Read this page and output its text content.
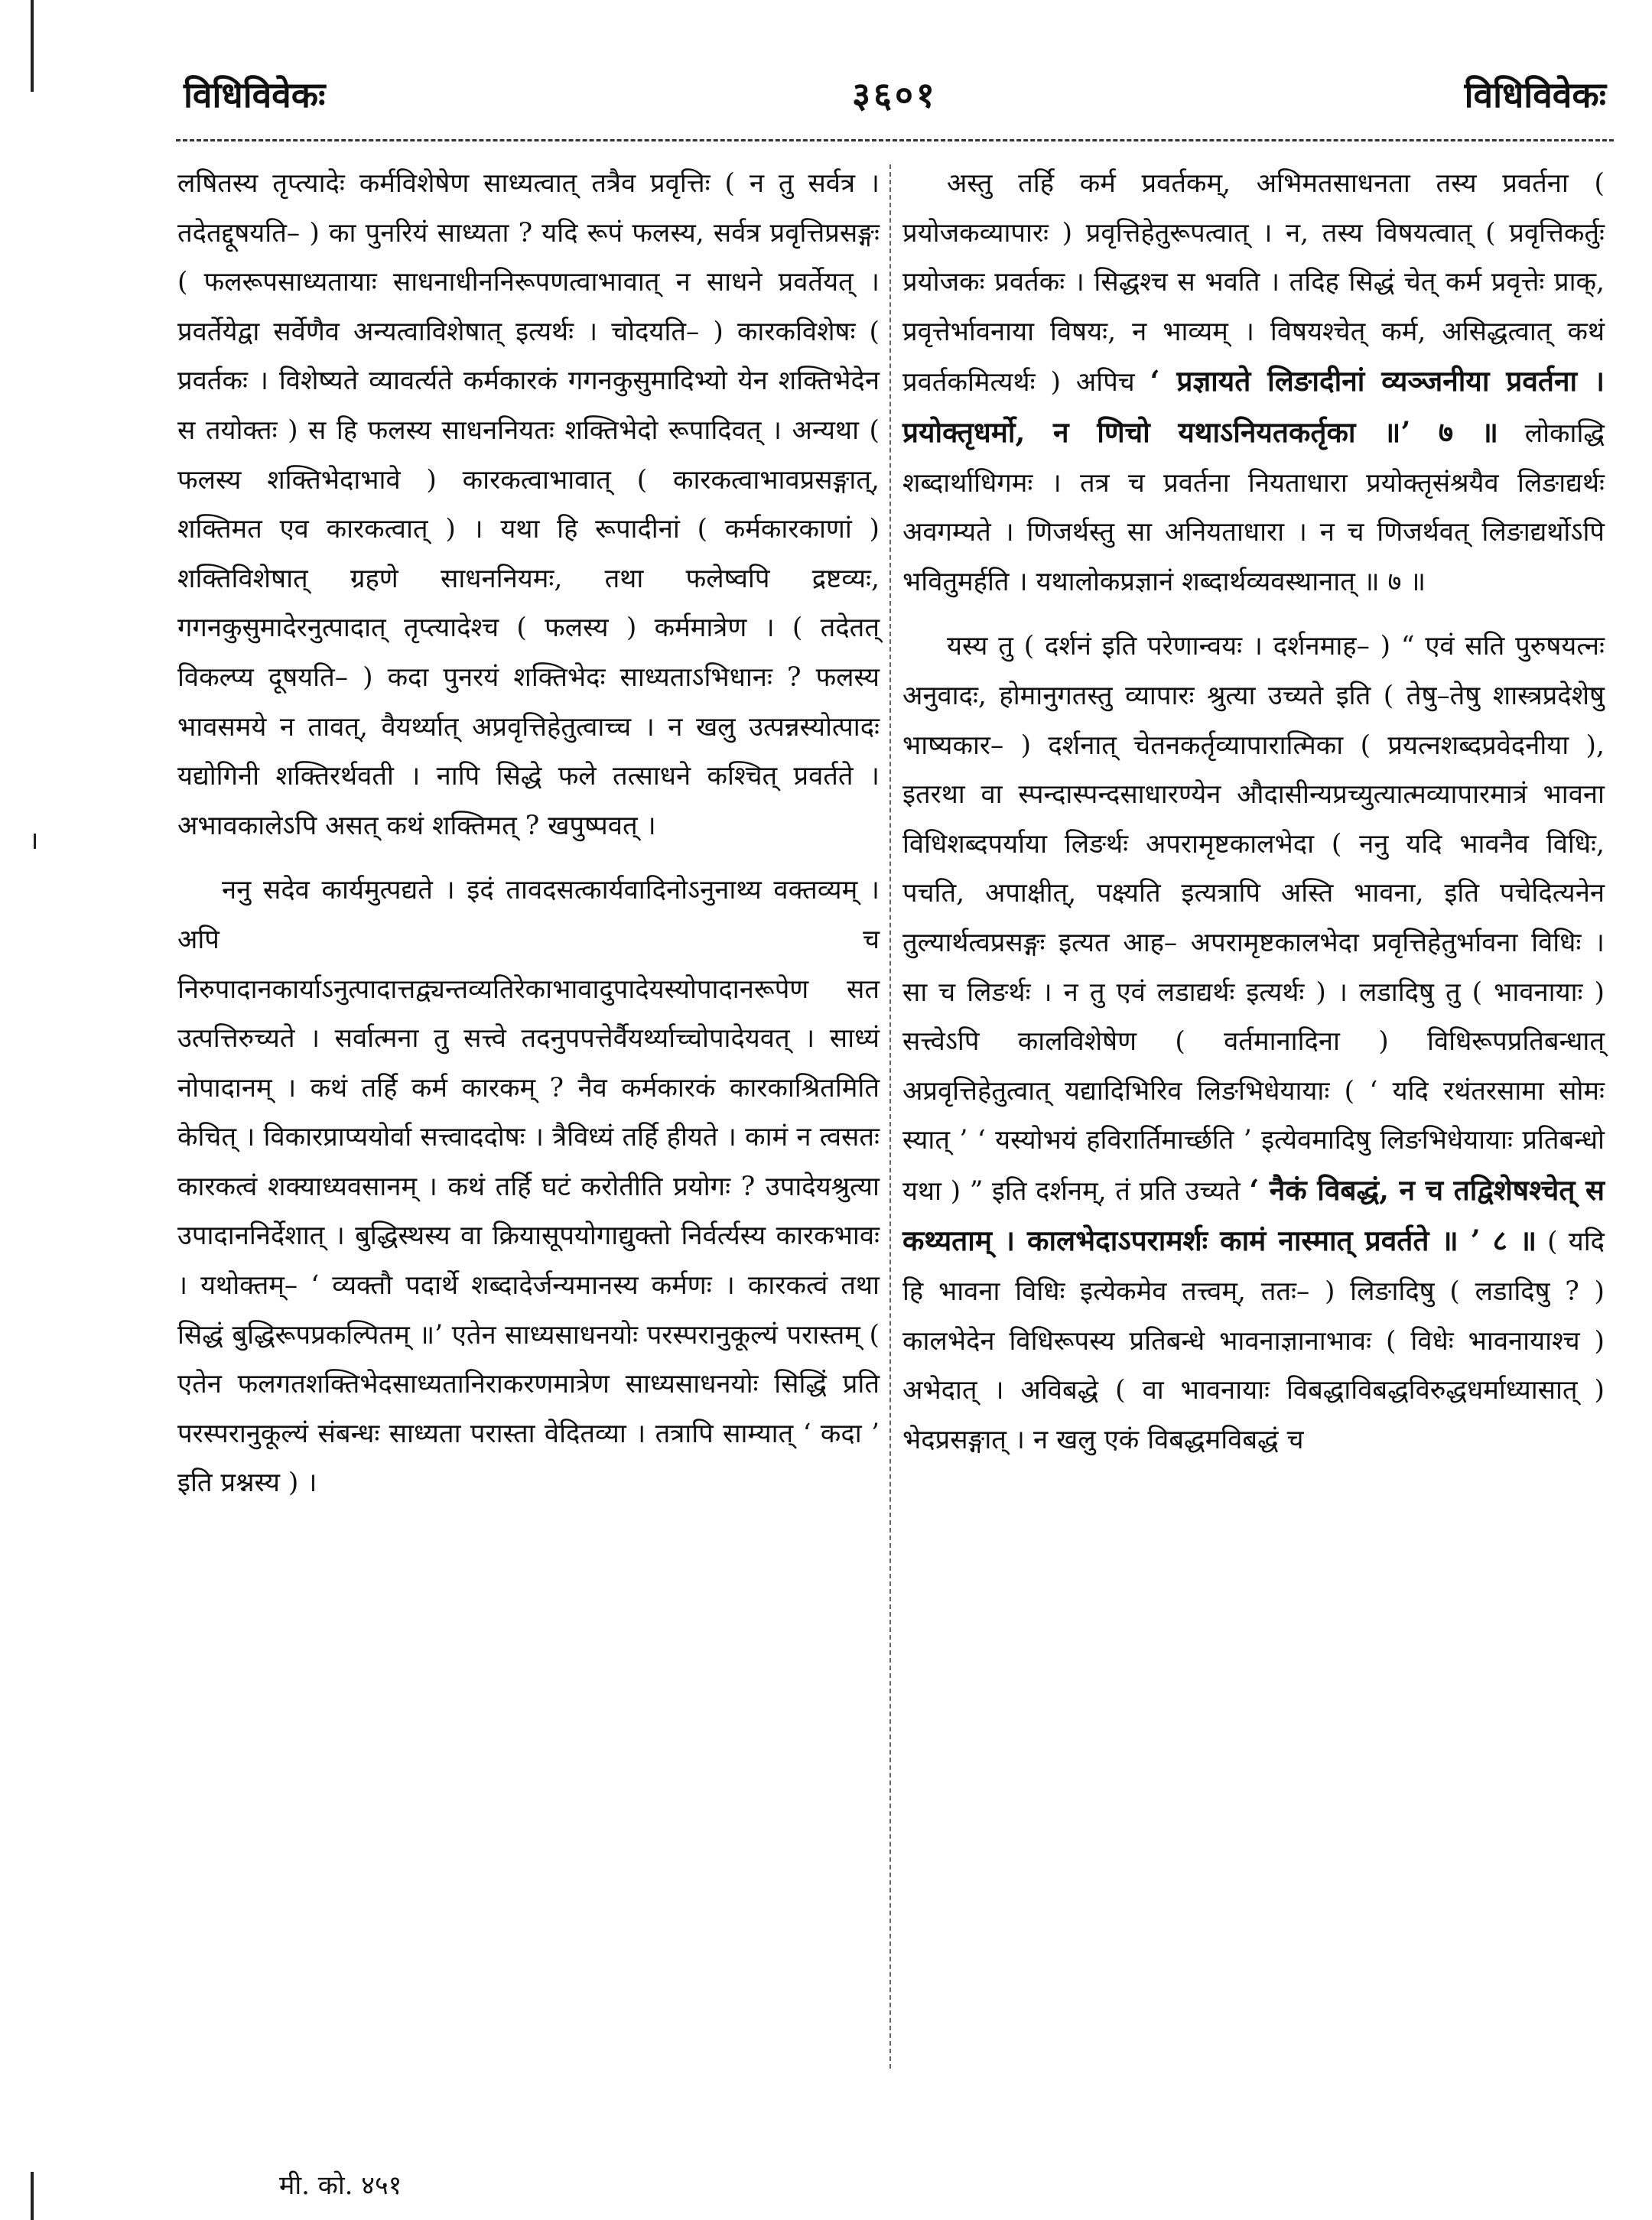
विधिविवेकः	३६०१	विधिविवेकः

लषितस्य तृप्त्यादेः कर्मविशेषेण साध्यत्वात् तत्रैव प्रवृत्तिः ( न तु सर्वत्र । तदेतद्दूषयति– ) का पुनरियं साध्यता ? यदि रूपं फलस्य, सर्वत्र प्रवृत्तिप्रसङ्गः ( फलरूपसाध्यतायाः साधनाधीननिरूपणत्वाभावात् न साधने प्रवर्तेयत् । प्रवर्तेयेद्वा सर्वेणैव अन्यत्वाविशेषात् इत्यर्थः । चोदयति– ) कारकविशेषः ( प्रवर्तकः । विशेष्यते व्यावर्त्यते कर्मकारकं गगनकुसुमादिभ्यो येन शक्तिभेदेन स तयोक्तः ) स हि फलस्य साधननियतः शक्तिभेदो रूपादिवत् । अन्यथा ( फलस्य शक्तिभेदाभावे ) कारकत्वाभावात् ( कारकत्वाभावप्रसङ्गात्, शक्तिमत एव कारकत्वात् ) । यथा हि रूपादीनां ( कर्मकारकाणां ) शक्तिविशेषात् ग्रहणे साधननियमः, तथा फलेष्वपि द्रष्टव्यः, गगनकुसुमादेरनुत्पादात् तृप्त्यादेश्च ( फलस्य ) कर्ममात्रेण । ( तदेतत् विकल्प्य दूषयति– ) कदा पुनरयं शक्तिभेदः साध्यताऽभिधानः ? फलस्य भावसमये न तावत्, वैयर्थ्यात् अप्रवृत्तिहेतुत्वाच्च । न खलु उत्पन्नस्योत्पादः यद्योगिनी शक्तिरर्थवती । नापि सिद्धे फले तत्साधने कश्चित् प्रवर्तते । अभावकालेऽपि असत् कथं शक्तिमत् ? खपुष्पवत् ।

ननु सदेव कार्यमुत्पद्यते । इदं तावदसत्कार्यवादिनोऽनुनाथ्य वक्तव्यम् । अपि च निरुपादानकार्याऽनुत्पादात्तद्व्यन्तव्यतिरेकाभावादुपादेयस्योपादानरूपेण सत उत्पत्तिरुच्यते । सर्वात्मना तु सत्त्वे तदनुपपत्तेर्वैयर्थ्याच्चोपादेयवत् । साध्यं नोपादानम् । कथं तर्हि कर्म कारकम् ? नैव कर्मकारकं कारकाश्रितमिति केचित् । विकारप्राप्ययोर्वा सत्त्वाददोषः । त्रैविध्यं तर्हि हीयते । कामं न त्वसतः कारकत्वं शक्याध्यवसानम् । कथं तर्हि घटं करोतीति प्रयोगः ? उपादेयश्रुत्या उपादाननिर्देशात् । बुद्धिस्थस्य वा क्रियासूपयोगाद्युक्तो निर्वर्त्यस्य कारकभावः । यथोक्तम्– ‘ व्यक्तौ पदार्थे शब्दादेर्जन्यमानस्य कर्मणः । कारकत्वं तथा सिद्धं बुद्धिरूपप्रकल्पितम् ॥’ एतेन साध्यसाधनयोः परस्परानुकूल्यं परास्तम् ( एतेन फलगतशक्तिभेदसाध्यतानिराकरणमात्रेण साध्यसाधनयोः सिद्धिं प्रति परस्परानुकूल्यं संबन्धः साध्यता परास्ता वेदितव्या । तत्रापि साम्यात् ‘ कदा ’ इति प्रश्नस्य ) ।

अस्तु तर्हि कर्म प्रवर्तकम्, अभिमतसाधनता तस्य प्रवर्तना ( प्रयोजकव्यापारः ) प्रवृत्तिहेतुरूपत्वात् । न, तस्य विषयत्वात् ( प्रवृत्तिकर्तुः प्रयोजकः प्रवर्तकः । सिद्धश्च स भवति । तदिह सिद्धं चेत् कर्म प्रवृत्तेः प्राक्, प्रवृत्तेर्भावनाया विषयः, न भाव्यम् । विषयश्चेत् कर्म, असिद्धत्वात् कथं प्रवर्तकमित्यर्थः ) अपिच ‘ प्रज्ञायते लिङादीनां व्यञ्जनीया प्रवर्तना । प्रयोक्तृधर्मो, न णिचो यथाऽनियतकर्तृका ॥’ ७ ॥ लोकाद्धि शब्दार्थाधिगमः । तत्र च प्रवर्तना नियताधारा प्रयोक्तृसंश्रयैव लिङाद्यर्थः अवगम्यते । णिजर्थस्तु सा अनियताधारा । न च णिजर्थवत् लिङाद्यर्थोऽपि भवितुमर्हति । यथालोकप्रज्ञानं शब्दार्थव्यवस्थानात् ॥ ७ ॥

यस्य तु ( दर्शनं इति परेणान्वयः । दर्शनमाह– ) “ एवं सति पुरुषयत्नः अनुवादः, होमानुगतस्तु व्यापारः श्रुत्या उच्यते इति ( तेषु–तेषु शास्त्रप्रदेशेषु भाष्यकार– ) दर्शनात् चेतनकर्तृव्यापारात्मिका ( प्रयत्नशब्दप्रवेदनीया ), इतरथा वा स्पन्दास्पन्दसाधारण्येन औदासीन्यप्रच्युत्यात्मव्यापारमात्रं भावना विधिशब्दपर्याया लिङर्थः अपरामृष्टकालभेदा ( ननु यदि भावनैव विधिः, पचति, अपाक्षीत्, पक्ष्यति इत्यत्रापि अस्ति भावना, इति पचेदित्यनेन तुल्यार्थत्वप्रसङ्गः इत्यत आह– अपरामृष्टकालभेदा प्रवृत्तिहेतुर्भावना विधिः । सा च लिङर्थः । न तु एवं लडाद्यर्थः इत्यर्थः ) । लडादिषु तु ( भावनायाः ) सत्त्वेऽपि कालविशेषेण ( वर्तमानादिना ) विधिरूपप्रतिबन्धात् अप्रवृत्तिहेतुत्वात् यद्यादिभिरिव लिङभिधेयायाः ( ‘ यदि रथंतरसामा सोमः स्यात् ’ ‘ यस्योभयं हविरार्तिमार्च्छति ’ इत्येवमादिषु लिङभिधेयायाः प्रतिबन्धो यथा ) ” इति दर्शनम्, तं प्रति उच्यते ‘ नैकं विबद्धं, न च तद्विशेषश्चेत् स कथ्यताम् । कालभेदाऽपरामर्शः कामं नास्मात् प्रवर्तते ॥ ’ ८ ॥ ( यदि हि भावना विधिः इत्येकमेव तत्त्वम्, ततः– ) लिङादिषु ( लडादिषु ? ) कालभेदेन विधिरूपस्य प्रतिबन्धे भावनाज्ञानाभावः ( विधेः भावनायाश्च ) अभेदात् । अविबद्धे ( वा भावनायाः विबद्धाविबद्धविरुद्धधर्माध्यासात् ) भेदप्रसङ्गात् । न खलु एकं विबद्धमविबद्धं च

मी. को. ४५१
